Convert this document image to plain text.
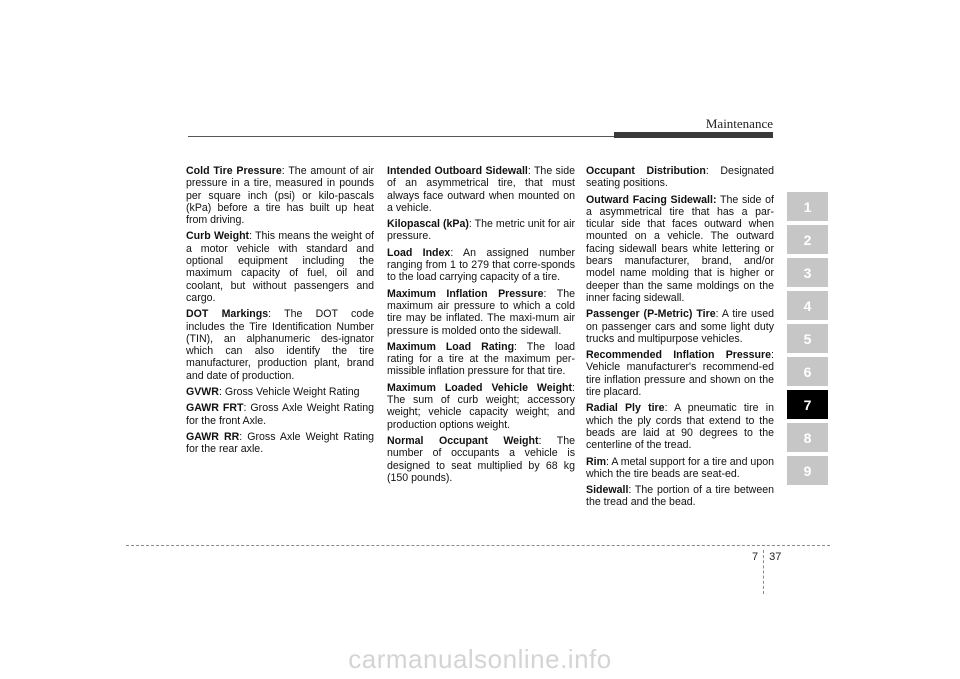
Maintenance

Cold Tire Pressure: The amount of air pressure in a tire, measured in pounds per square inch (psi) or kilo-pascals (kPa) before a tire has built up heat from driving.

Curb Weight: This means the weight of a motor vehicle with standard and optional equipment including the maximum capacity of fuel, oil and coolant, but without passengers and cargo.

DOT Markings: The DOT code includes the Tire Identification Number (TIN), an alphanumeric des-ignator which can also identify the tire manufacturer, production plant, brand and date of production.

GVWR: Gross Vehicle Weight Rating

GAWR FRT: Gross Axle Weight Rating for the front Axle.

GAWR RR: Gross Axle Weight Rating for the rear axle.

Intended Outboard Sidewall: The side of an asymmetrical tire, that must always face outward when mounted on a vehicle.

Kilopascal (kPa): The metric unit for air pressure.

Load Index: An assigned number ranging from 1 to 279 that corre-sponds to the load carrying capacity of a tire.

Maximum Inflation Pressure: The maximum air pressure to which a cold tire may be inflated. The maxi-mum air pressure is molded onto the sidewall.

Maximum Load Rating: The load rating for a tire at the maximum per-missible inflation pressure for that tire.

Maximum Loaded Vehicle Weight: The sum of curb weight; accessory weight; vehicle capacity weight; and production options weight.

Normal Occupant Weight: The number of occupants a vehicle is designed to seat multiplied by 68 kg (150 pounds).

Occupant Distribution: Designated seating positions.

Outward Facing Sidewall: The side of a asymmetrical tire that has a par-ticular side that faces outward when mounted on a vehicle. The outward facing sidewall bears white lettering or bears manufacturer, brand, and/or model name molding that is higher or deeper than the same moldings on the inner facing sidewall.

Passenger (P-Metric) Tire: A tire used on passenger cars and some light duty trucks and multipurpose vehicles.

Recommended Inflation Pressure: Vehicle manufacturer's recommend-ed tire inflation pressure and shown on the tire placard.

Radial Ply tire: A pneumatic tire in which the ply cords that extend to the beads are laid at 90 degrees to the centerline of the tread.

Rim: A metal support for a tire and upon which the tire beads are seat-ed.

Sidewall: The portion of a tire between the tread and the bead.

1
2
3
4
5
6
7
8
9
7 37
carmanualsonline.info
